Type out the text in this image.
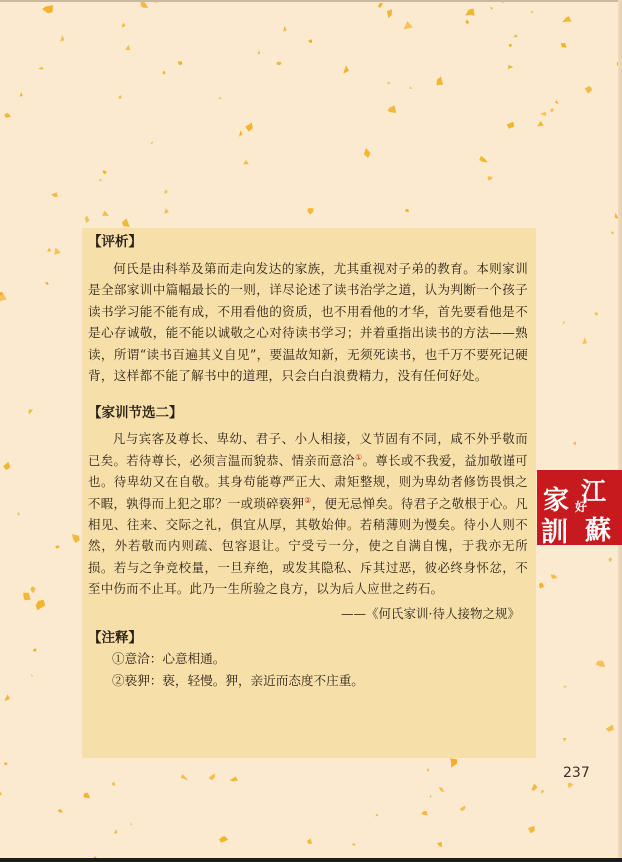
【评析】

何氏是由科举及第而走向发达的家族，尤其重视对子弟的教育。本则家训是全部家训中篇幅最长的一则，详尽论述了读书治学之道，认为判断一个孩子读书学习能不能有成，不用看他的资质，也不用看他的才华，首先要看他是不是心存诚敬，能不能以诚敬之心对待读书学习；并着重指出读书的方法——熟读，所谓“读书百遍其义自见”，要温故知新，无须死读书，也千万不要死记硬背，这样都不能了解书中的道理，只会白白浪费精力，没有任何好处。

【家训节选二】

凡与宾客及尊长、卑幼、君子、小人相接，义节固有不同，咸不外乎敬而已矣。若待尊长，必须言温而貌恭、情亲而意洽①。尊长或不我爱，益加敬谨可也。待卑幼又在自敬。其身苟能尊严正大、肃矩整规，则为卑幼者修饬畏惧之不暇，孰得而上犯之耶？一或琐碎亵狎②，便无忌惮矣。待君子之敬根于心。凡相见、往来、交际之礼，俱宜从厚，其敬始伸。若稍薄则为慢矣。待小人则不然，外若敬而内则疏、包容退让。宁受亏一分，使之自满自愧，于我亦无所损。若与之争竞校量，一旦弃绝，或发其隐私、斥其过恶，彼必终身怀忿，不至中伤而不止耳。此乃一生所验之良方，以为后人应世之药石。

——《何氏家训·待人接物之规》

【注释】

①意洽：心意相通。

②亵狎：亵，轻慢。狎，亲近而态度不庄重。

江
家 好
蘇
訓
237
